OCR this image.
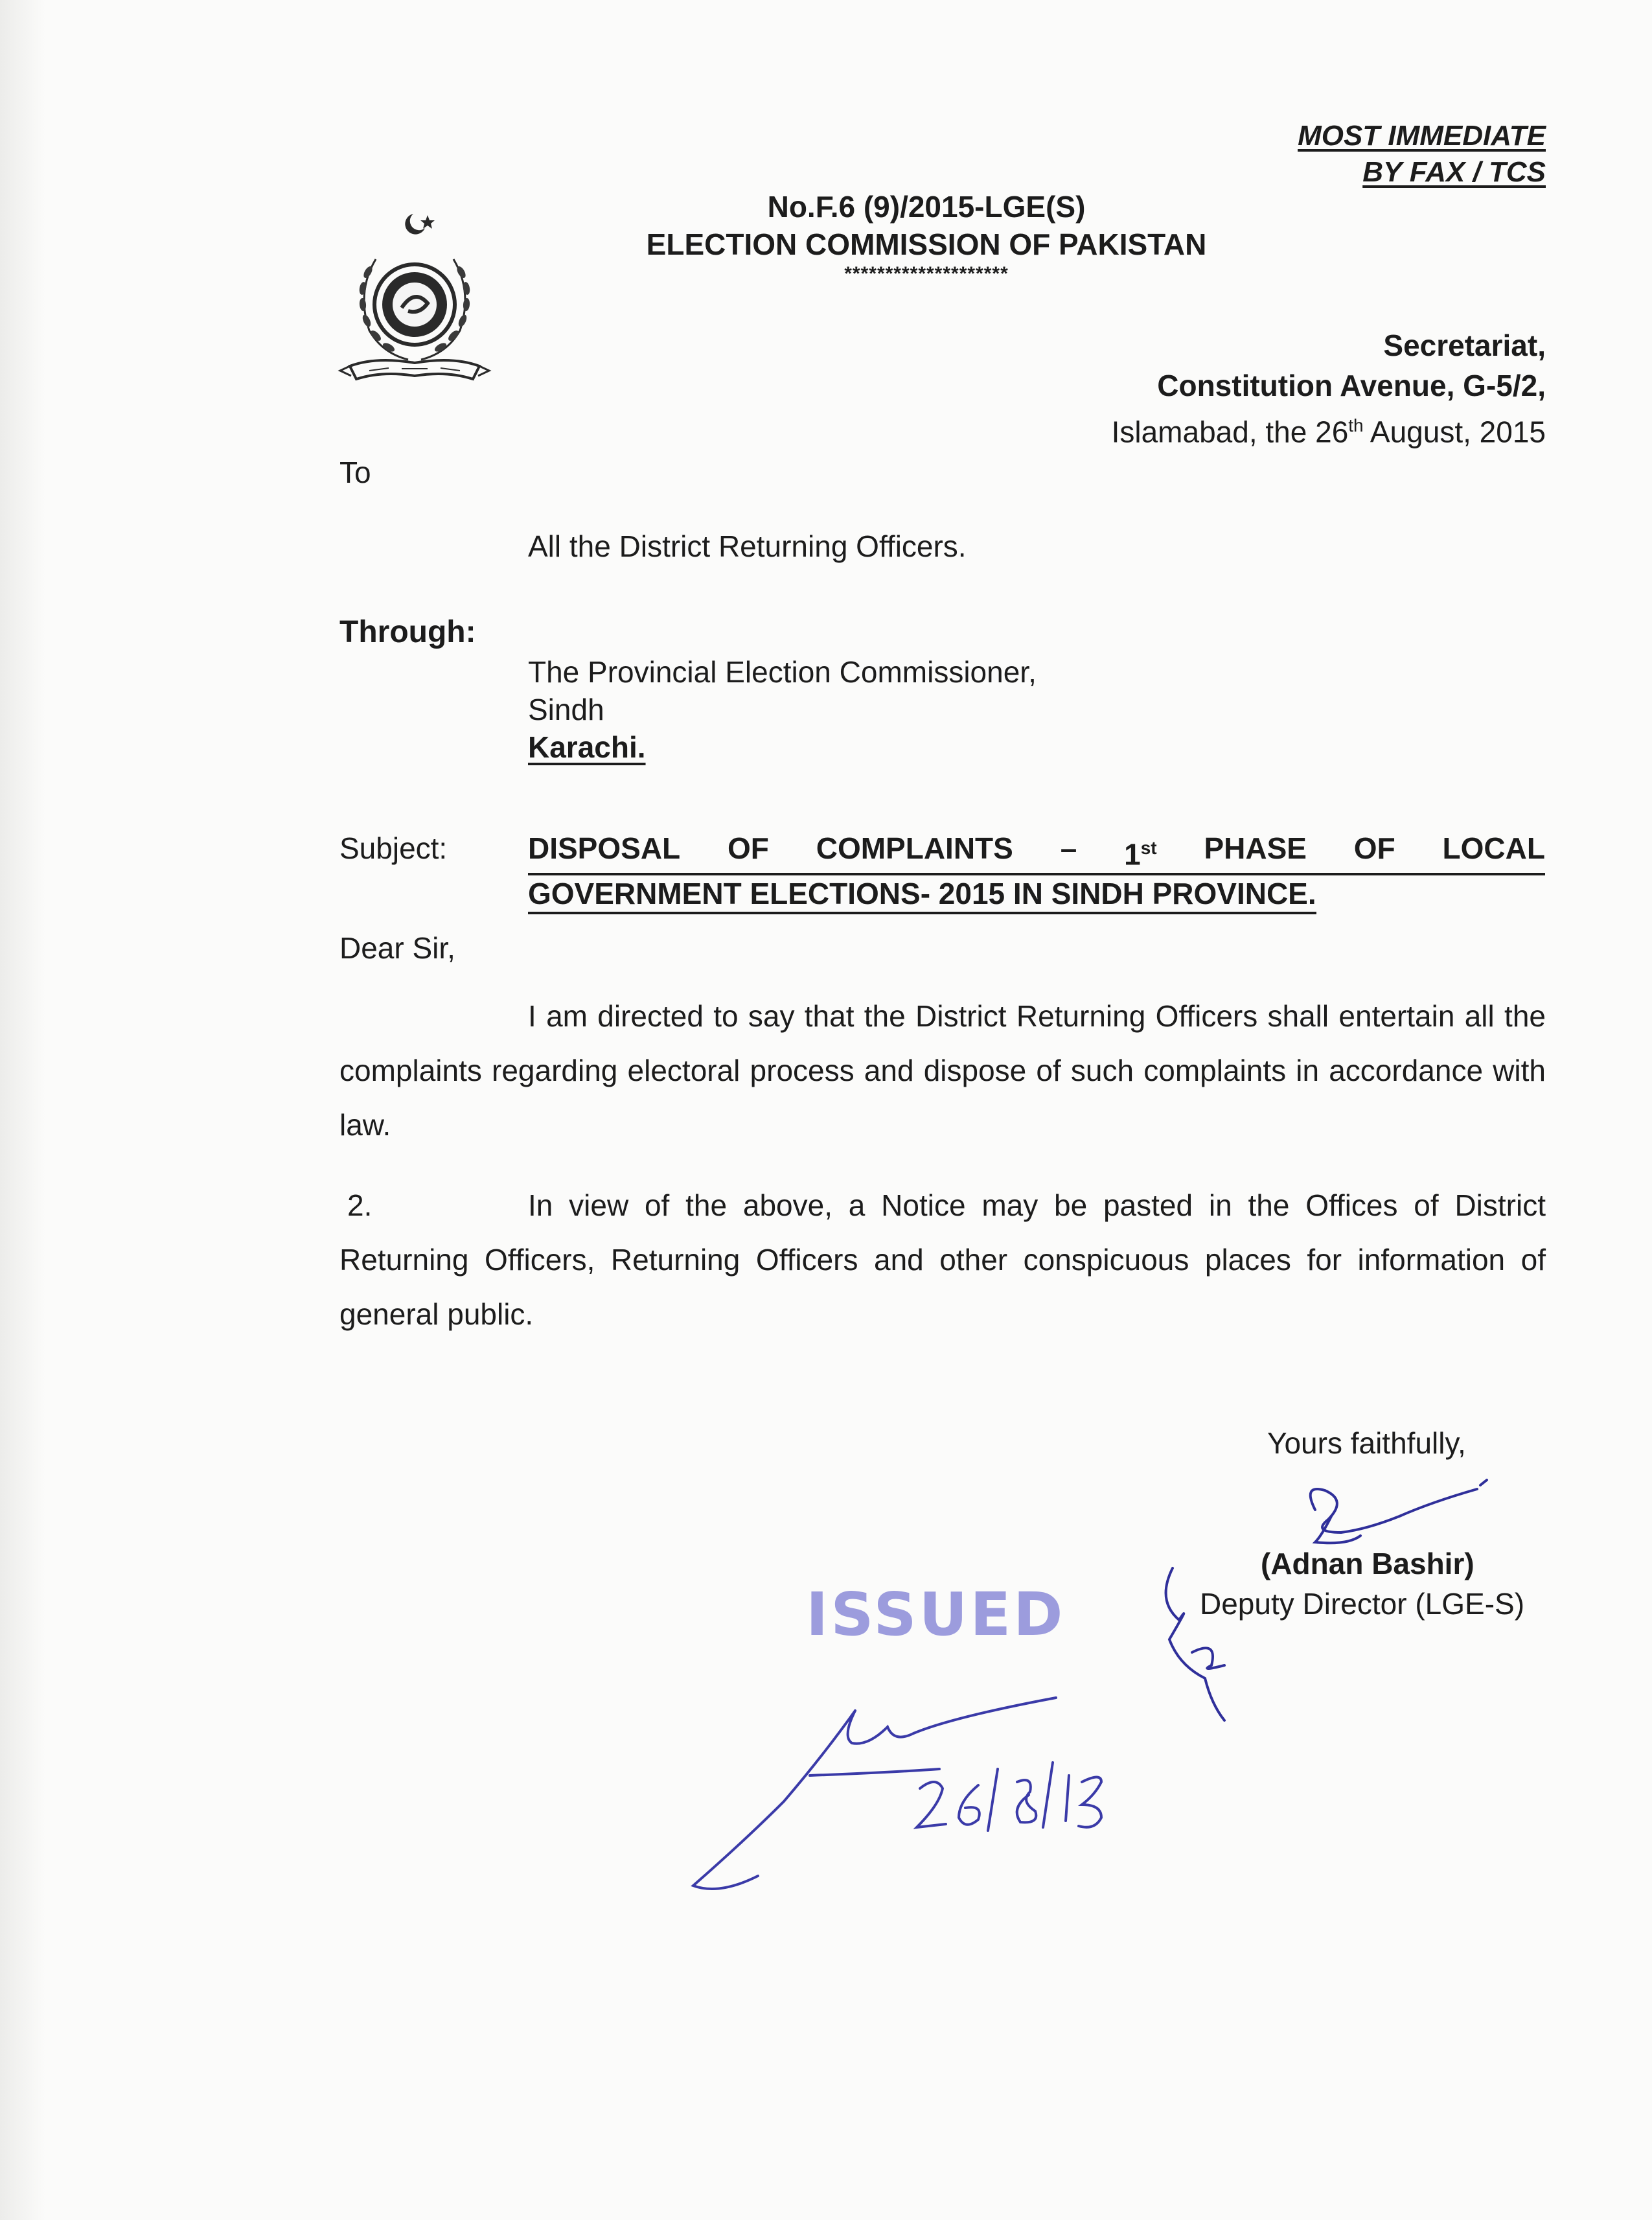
MOST IMMEDIATE
BY FAX / TCS
No.F.6 (9)/2015-LGE(S)
ELECTION COMMISSION OF PAKISTAN
********************
Secretariat,
Constitution Avenue, G-5/2,
Islamabad, the 26th August, 2015
To
All the District Returning Officers.
Through:
The Provincial Election Commissioner,
Sindh
Karachi.
Subject:	DISPOSAL OF COMPLAINTS – 1st PHASE OF LOCAL
GOVERNMENT ELECTIONS- 2015 IN SINDH PROVINCE.
Dear Sir,
I am directed to say that the District Returning Officers shall entertain all the complaints regarding electoral process and dispose of such complaints in accordance with law.
2.	In view of the above, a Notice may be pasted in the Offices of District Returning Officers, Returning Officers and other conspicuous places for information of general public.
Yours faithfully,
(Adnan Bashir)
Deputy Director (LGE-S)
ISSUED
